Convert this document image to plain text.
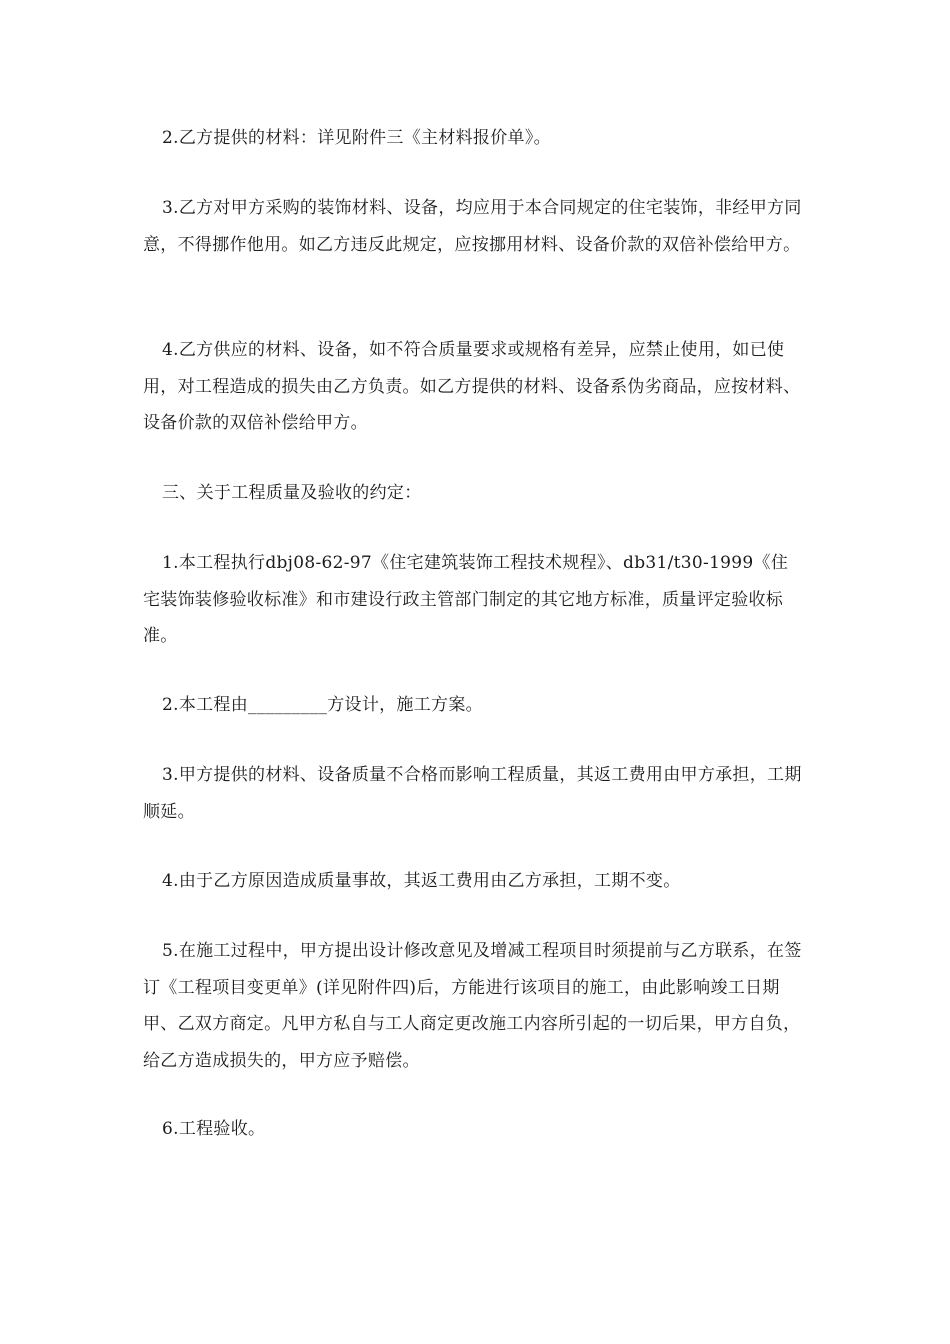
2.乙方提供的材料：详见附件三《主材料报价单》。

3.乙方对甲方采购的装饰材料、设备，均应用于本合同规定的住宅装饰，非经甲方同意，不得挪作他用。如乙方违反此规定，应按挪用材料、设备价款的双倍补偿给甲方。

4.乙方供应的材料、设备，如不符合质量要求或规格有差异，应禁止使用，如已使用，对工程造成的损失由乙方负责。如乙方提供的材料、设备系伪劣商品，应按材料、设备价款的双倍补偿给甲方。

三、关于工程质量及验收的约定：

1.本工程执行dbj08-62-97《住宅建筑装饰工程技术规程》、db31/t30-1999《住宅装饰装修验收标准》和市建设行政主管部门制定的其它地方标准，质量评定验收标准。

2.本工程由_________方设计，施工方案。

3.甲方提供的材料、设备质量不合格而影响工程质量，其返工费用由甲方承担，工期顺延。

4.由于乙方原因造成质量事故，其返工费用由乙方承担，工期不变。

5.在施工过程中，甲方提出设计修改意见及增减工程项目时须提前与乙方联系，在签订《工程项目变更单》(详见附件四)后，方能进行该项目的施工，由此影响竣工日期甲、乙双方商定。凡甲方私自与工人商定更改施工内容所引起的一切后果，甲方自负，给乙方造成损失的，甲方应予赔偿。

6.工程验收。
